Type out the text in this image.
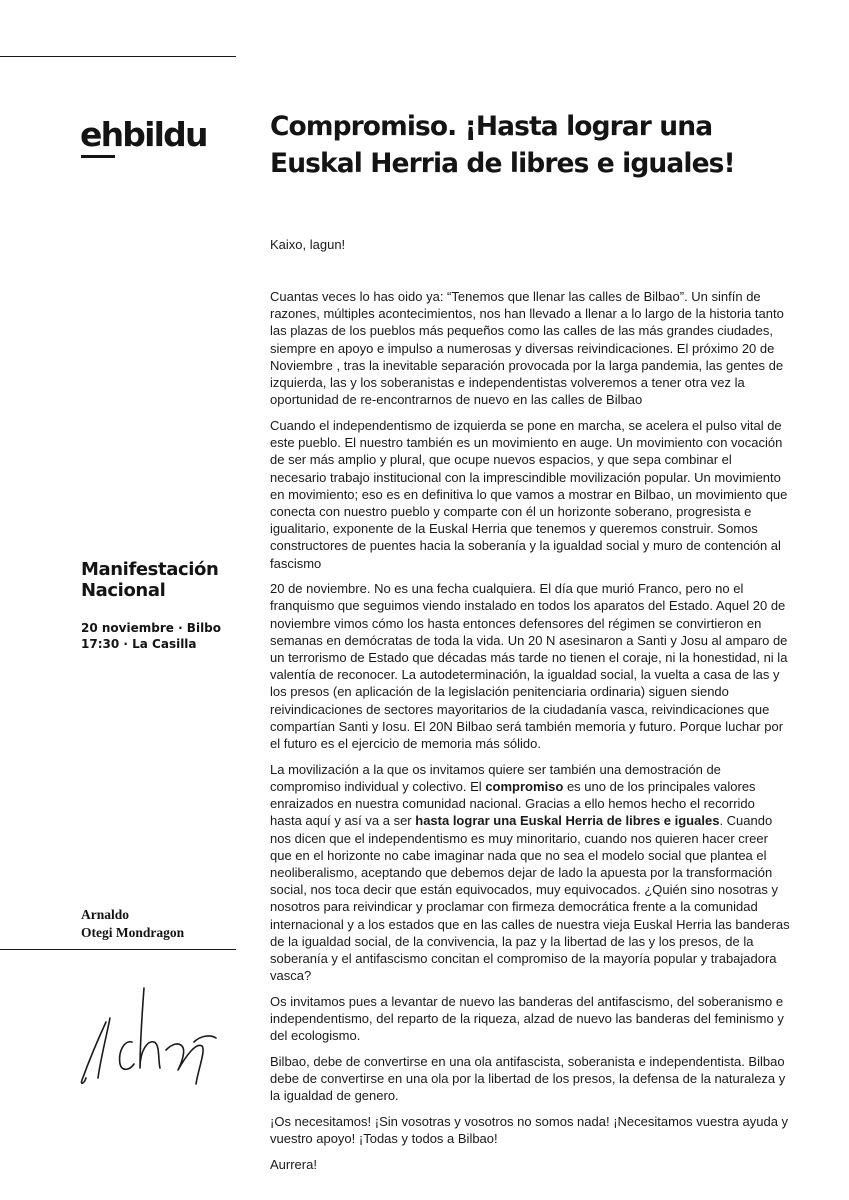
ehbildu
Manifestación
Nacional
20 noviembre · Bilbo
17:30 · La Casilla
Arnaldo
Otegi Mondragon
Compromiso. ¡Hasta lograr una
Euskal Herria de libres e iguales!

Kaixo, lagun!

Cuantas veces lo has oido ya: “Tenemos que llenar las calles de Bilbao”. Un sinfín de razones, múltiples acontecimientos, nos han llevado a llenar a lo largo de la historia tanto las plazas de los pueblos más pequeños como las calles de las más grandes ciudades, siempre en apoyo e impulso a numerosas y diversas reivindicaciones. El próximo 20 de Noviembre , tras la inevitable separación provocada por la larga pandemia, las gentes de izquierda, las y los soberanistas e independentistas volveremos a tener otra vez la oportunidad de re-encontrarnos de nuevo en las calles de Bilbao

Cuando el independentismo de izquierda se pone en marcha, se acelera el pulso vital de este pueblo. El nuestro también es un movimiento en auge. Un movimiento con vocación de ser más amplio y plural, que ocupe nuevos espacios, y que sepa combinar el necesario trabajo institucional con la imprescindible movilización popular. Un movimiento en movimiento; eso es en definitiva lo que vamos a mostrar en Bilbao, un movimiento que conecta con nuestro pueblo y comparte con él un horizonte soberano, progresista e igualitario, exponente de la Euskal Herria que tenemos y queremos construir. Somos constructores de puentes hacia la soberanía y la igualdad social y muro de contención al fascismo

20 de noviembre. No es una fecha cualquiera. El día que murió Franco, pero no el franquismo que seguimos viendo instalado en todos los aparatos del Estado. Aquel 20 de noviembre vimos cómo los hasta entonces defensores del régimen se convirtieron en semanas en demócratas de toda la vida. Un 20 N asesinaron a Santi y Josu al amparo de un terrorismo de Estado que décadas más tarde no tienen el coraje, ni la honestidad, ni la valentía de reconocer. La autodeterminación, la igualdad social, la vuelta a casa de las y los presos (en aplicación de la legislación penitenciaria ordinaria) siguen siendo reivindicaciones de sectores mayoritarios de la ciudadanía vasca, reivindicaciones que compartían Santi y Iosu. El 20N Bilbao será también memoria y futuro. Porque luchar por el futuro es el ejercicio de memoria más sólido.

La movilización a la que os invitamos quiere ser también una demostración de compromiso individual y colectivo. El compromiso es uno de los principales valores enraizados en nuestra comunidad nacional. Gracias a ello hemos hecho el recorrido hasta aquí y así va a ser hasta lograr una Euskal Herria de libres e iguales. Cuando nos dicen que el independentismo es muy minoritario, cuando nos quieren hacer creer que en el horizonte no cabe imaginar nada que no sea el modelo social que plantea el neoliberalismo, aceptando que debemos dejar de lado la apuesta por la transformación social, nos toca decir que están equivocados, muy equivocados. ¿Quién sino nosotras y nosotros para reivindicar y proclamar con firmeza democrática frente a la comunidad internacional y a los estados que en las calles de nuestra vieja Euskal Herria las banderas de la igualdad social, de la convivencia, la paz y la libertad de las y los presos, de la soberanía y el antifascismo concitan el compromiso de la mayoría popular y trabajadora vasca?

Os invitamos pues a levantar de nuevo las banderas del antifascismo, del soberanismo e independentismo, del reparto de la riqueza, alzad de nuevo las banderas del feminismo y del ecologismo.

Bilbao, debe de convertirse en una ola antifascista, soberanista e independentista. Bilbao debe de convertirse en una ola por la libertad de los presos, la defensa de la naturaleza y la igualdad de genero.

¡Os necesitamos! ¡Sin vosotras y vosotros no somos nada! ¡Necesitamos vuestra ayuda y vuestro apoyo! ¡Todas y todos a Bilbao!

Aurrera!
